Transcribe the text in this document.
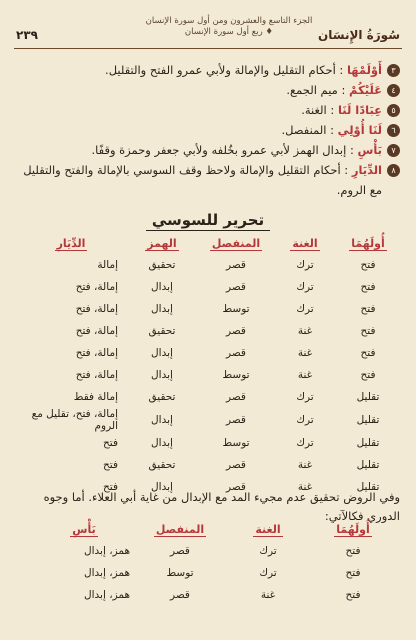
سُورَةُ الإِنسَان
الجزء التاسع والعشرون ومن أول سورة الإنسان
♦ ربع أول سورة الإنسان
٢٣٩
٣
أَوْلَمْهَا : أحكام التقليل والإمالة ولأبي عمرو الفتح والتقليل.
٤
عَلَيْكُمْ : ميم الجمع.
٥
عِبَادًا لَنَا : الغنة.
٦
لَنَا أُوْلِي : المنفصل.
٧
بَأْسِ : إبدال الهمز لأبي عمرو بخُلفه ولأبي جعفر وحمزة وقفًا.
٨
الدِّيَارِ : أحكام التقليل والإمالة ولاحظ وقف السوسي بالإمالة والفتح والتقليل مع الروم.
تحرير للسوسي
أُولَهُمَا	الغنة	المنفصل	الهمز	الدِّيَارِ
فتح	ترك	قصر	تحقيق	إمالة
فتح	ترك	قصر	إبدال	إمالة، فتح
فتح	ترك	توسط	إبدال	إمالة، فتح
فتح	غنة	قصر	تحقيق	إمالة، فتح
فتح	غنة	قصر	إبدال	إمالة، فتح
فتح	غنة	توسط	إبدال	إمالة، فتح
تقليل	ترك	قصر	تحقيق	إمالة فقط
تقليل	ترك	قصر	إبدال	إمالة، فتح، تقليل مع الروم
تقليل	ترك	توسط	إبدال	فتح
تقليل	غنة	قصر	تحقيق	فتح
تقليل	غنة	قصر	إبدال	فتح
وفي الروض تحقيق عدم مجيء المد مع الإبدال من غاية أبي العلاء. أما وجوه الدوري فكالآتي:
أُولَهُمَا	الغنة	المنفصل	بَأْسِ
فتح	ترك	قصر	همز، إبدال
فتح	ترك	توسط	همز، إبدال
فتح	غنة	قصر	همز، إبدال
